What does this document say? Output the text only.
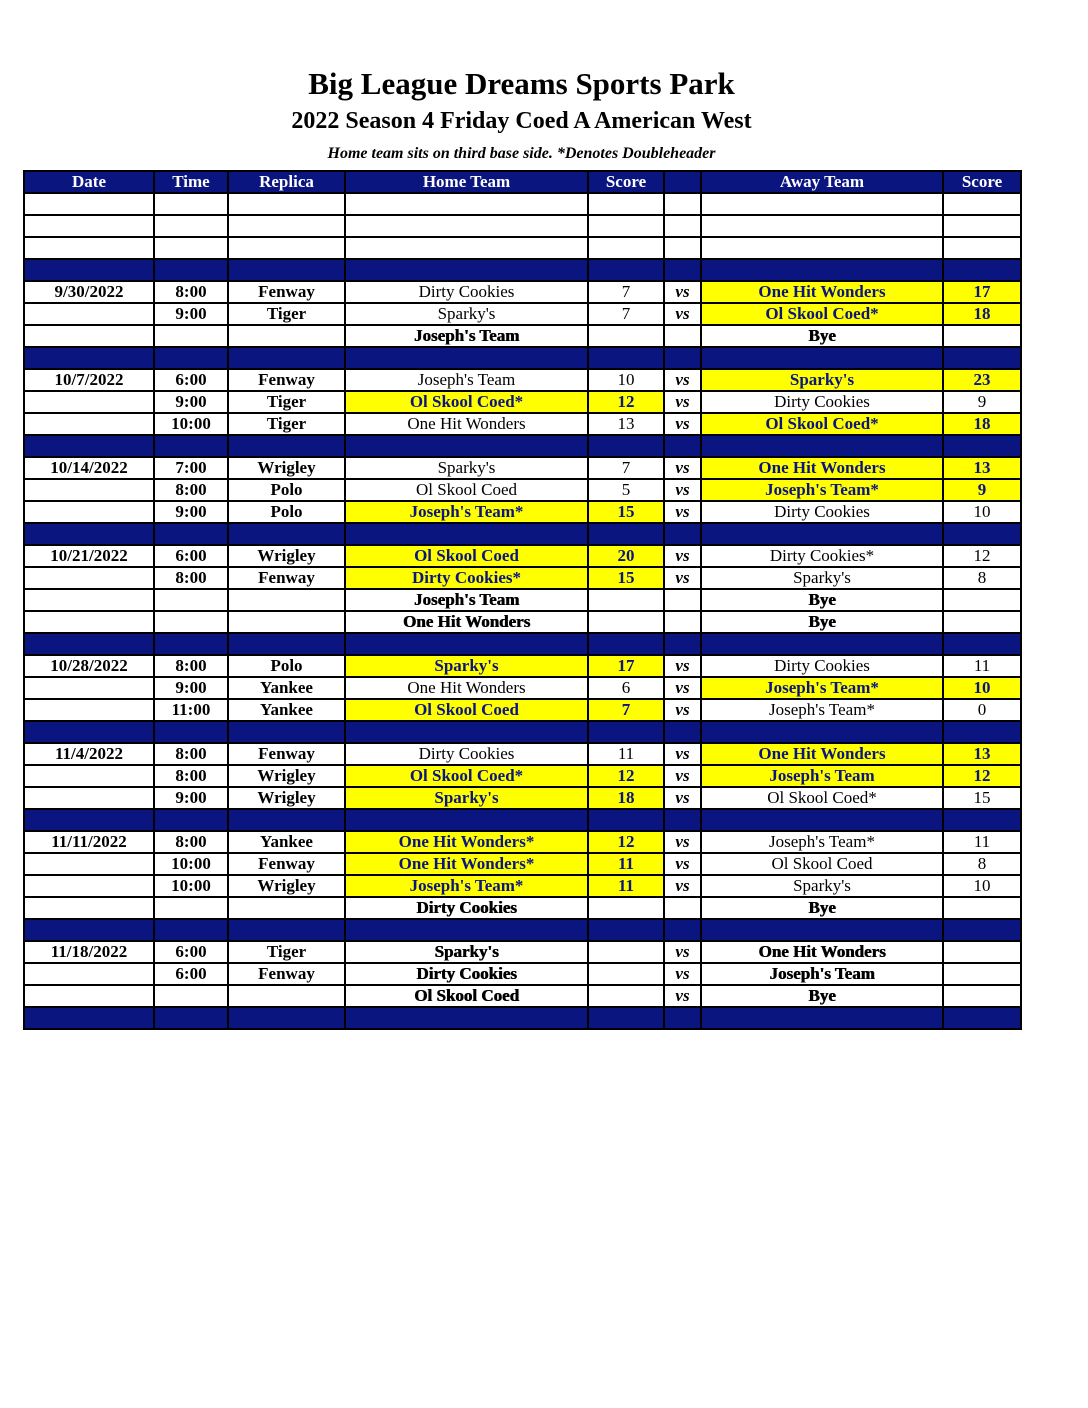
Big League Dreams Sports Park
2022 Season 4 Friday Coed A American West
Home team sits on third base side. *Denotes Doubleheader
Date	Time	Replica	Home Team	Score		Away Team	Score

9/30/2022	8:00	Fenway	Dirty Cookies	7	vs	One Hit Wonders	17
	9:00	Tiger	Sparky's	7	vs	Ol Skool Coed*	18
			Joseph's Team			Bye	

10/7/2022	6:00	Fenway	Joseph's Team	10	vs	Sparky's	23
	9:00	Tiger	Ol Skool Coed*	12	vs	Dirty Cookies	9
	10:00	Tiger	One Hit Wonders	13	vs	Ol Skool Coed*	18

10/14/2022	7:00	Wrigley	Sparky's	7	vs	One Hit Wonders	13
	8:00	Polo	Ol Skool Coed	5	vs	Joseph's Team*	9
	9:00	Polo	Joseph's Team*	15	vs	Dirty Cookies	10

10/21/2022	6:00	Wrigley	Ol Skool Coed	20	vs	Dirty Cookies*	12
	8:00	Fenway	Dirty Cookies*	15	vs	Sparky's	8
			Joseph's Team			Bye	
			One Hit Wonders			Bye	

10/28/2022	8:00	Polo	Sparky's	17	vs	Dirty Cookies	11
	9:00	Yankee	One Hit Wonders	6	vs	Joseph's Team*	10
	11:00	Yankee	Ol Skool Coed	7	vs	Joseph's Team*	0

11/4/2022	8:00	Fenway	Dirty Cookies	11	vs	One Hit Wonders	13
	8:00	Wrigley	Ol Skool Coed*	12	vs	Joseph's Team	12
	9:00	Wrigley	Sparky's	18	vs	Ol Skool Coed*	15

11/11/2022	8:00	Yankee	One Hit Wonders*	12	vs	Joseph's Team*	11
	10:00	Fenway	One Hit Wonders*	11	vs	Ol Skool Coed	8
	10:00	Wrigley	Joseph's Team*	11	vs	Sparky's	10
			Dirty Cookies			Bye	

11/18/2022	6:00	Tiger	Sparky's		vs	One Hit Wonders	
	6:00	Fenway	Dirty Cookies		vs	Joseph's Team	
			Ol Skool Coed		vs	Bye	
